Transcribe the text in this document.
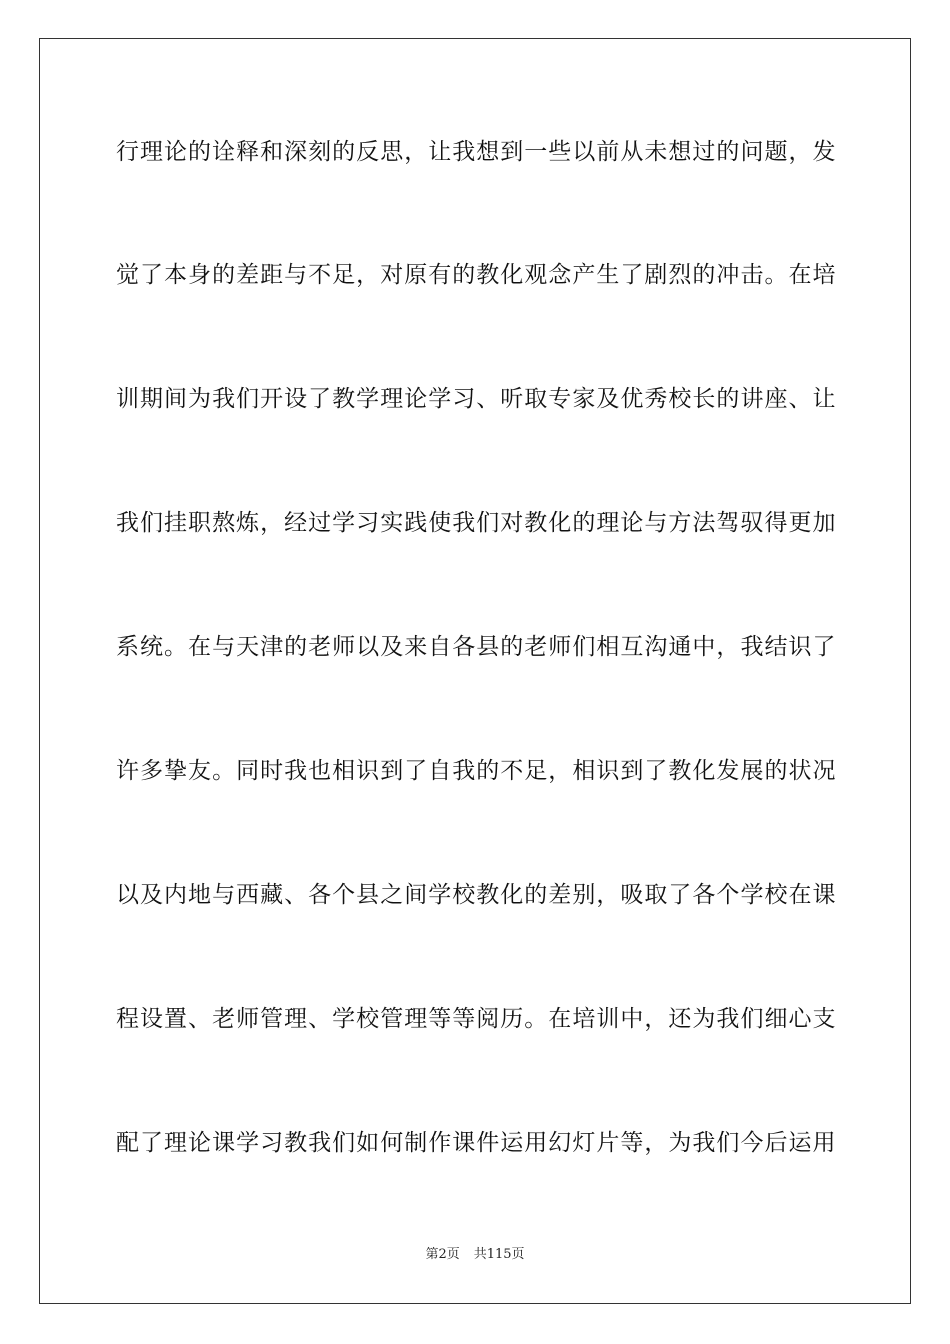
行理论的诠释和深刻的反思，让我想到一些以前从未想过的问题，发
觉了本身的差距与不足，对原有的教化观念产生了剧烈的冲击。在培
训期间为我们开设了教学理论学习、听取专家及优秀校长的讲座、让
我们挂职熬炼，经过学习实践使我们对教化的理论与方法驾驭得更加
系统。在与天津的老师以及来自各县的老师们相互沟通中，我结识了
许多挚友。同时我也相识到了自我的不足，相识到了教化发展的状况
以及内地与西藏、各个县之间学校教化的差别，吸取了各个学校在课
程设置、老师管理、学校管理等等阅历。在培训中，还为我们细心支
配了理论课学习教我们如何制作课件运用幻灯片等，为我们今后运用
第2页 共115页
